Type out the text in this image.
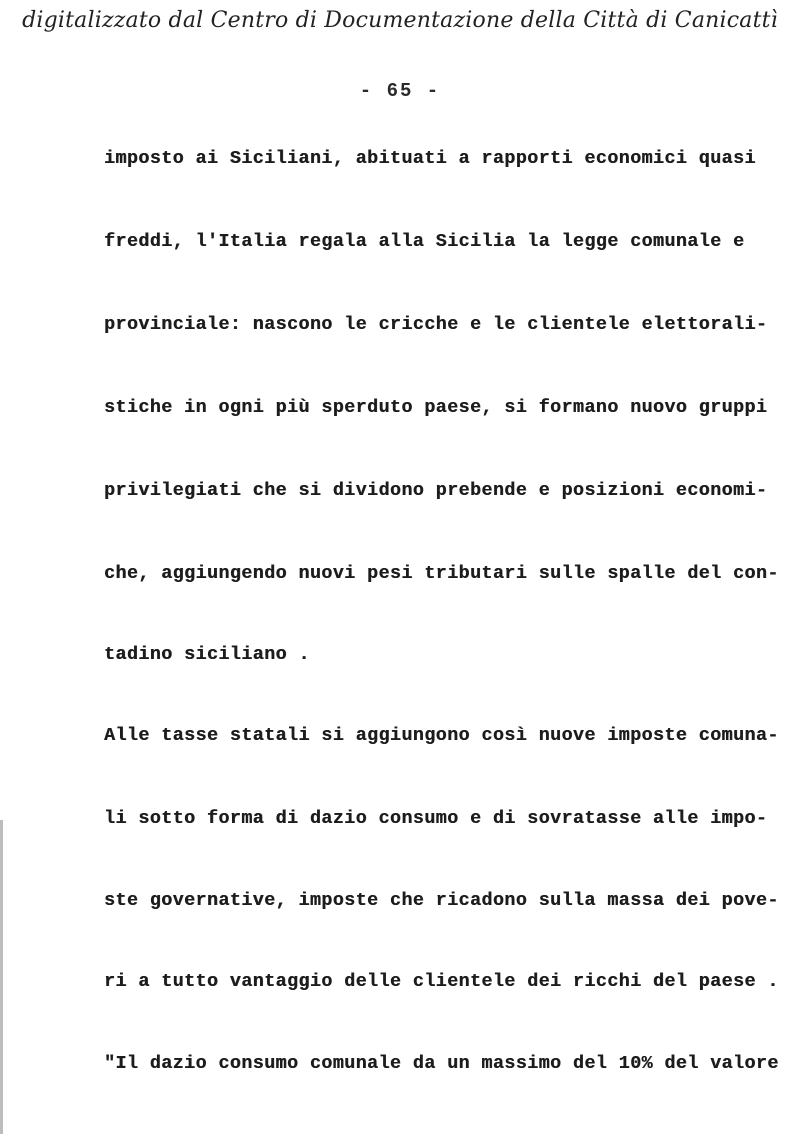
digitalizzato dal Centro di Documentazione della Città di Canicattì
- 65 -
imposto ai Siciliani, abituati a rapporti economici quasi
freddi, l'Italia regala alla Sicilia la legge comunale e
provinciale: nascono le cricche e le clientele elettorali-
stiche in ogni più sperduto paese, si formano nuovo gruppi
privilegiati che si dividono prebende e posizioni economi-
che, aggiungendo nuovi pesi tributari sulle spalle del con-
tadino siciliano .
Alle tasse statali si aggiungono così nuove imposte comuna-
li sotto forma di dazio consumo e di sovratasse alle impo-
ste governative, imposte che ricadono sulla massa dei pove-
ri a tutto vantaggio delle clientele dei ricchi del paese .
"Il dazio consumo comunale da un massimo del 10% del valore
